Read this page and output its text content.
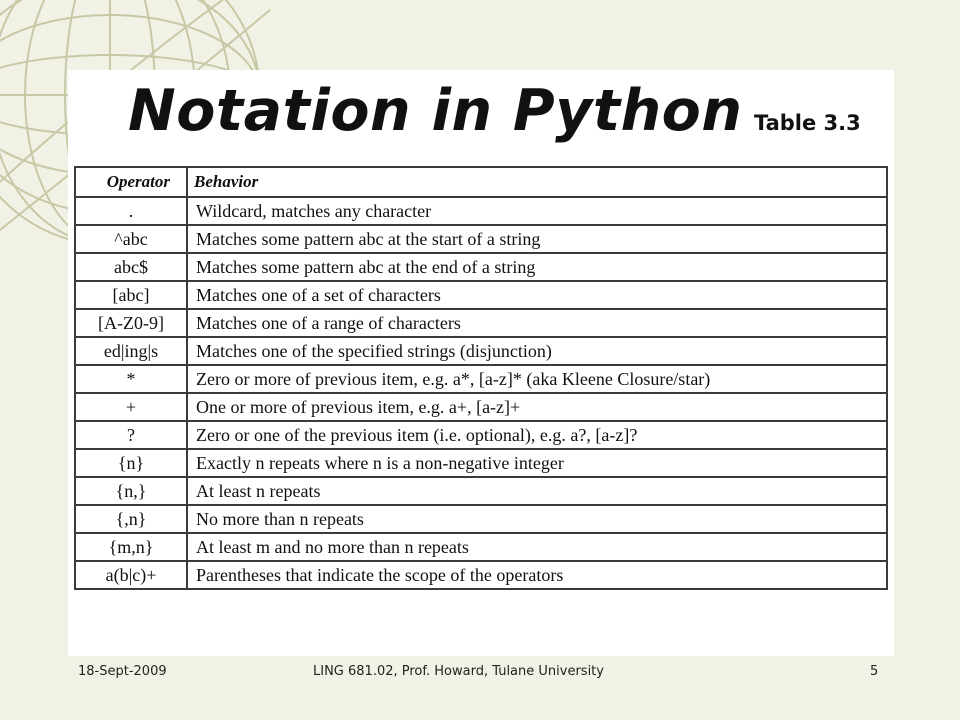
Notation in Python Table 3.3
Operator	Behavior
.	Wildcard, matches any character
^abc	Matches some pattern abc at the start of a string
abc$	Matches some pattern abc at the end of a string
[abc]	Matches one of a set of characters
[A-Z0-9]	Matches one of a range of characters
ed|ing|s	Matches one of the specified strings (disjunction)
*	Zero or more of previous item, e.g. a*, [a-z]* (aka Kleene Closure/star)
+	One or more of previous item, e.g. a+, [a-z]+
?	Zero or one of the previous item (i.e. optional), e.g. a?, [a-z]?
{n}	Exactly n repeats where n is a non-negative integer
{n,}	At least n repeats
{,n}	No more than n repeats
{m,n}	At least m and no more than n repeats
a(b|c)+	Parentheses that indicate the scope of the operators
18-Sept-2009	LING 681.02, Prof. Howard, Tulane University	5
